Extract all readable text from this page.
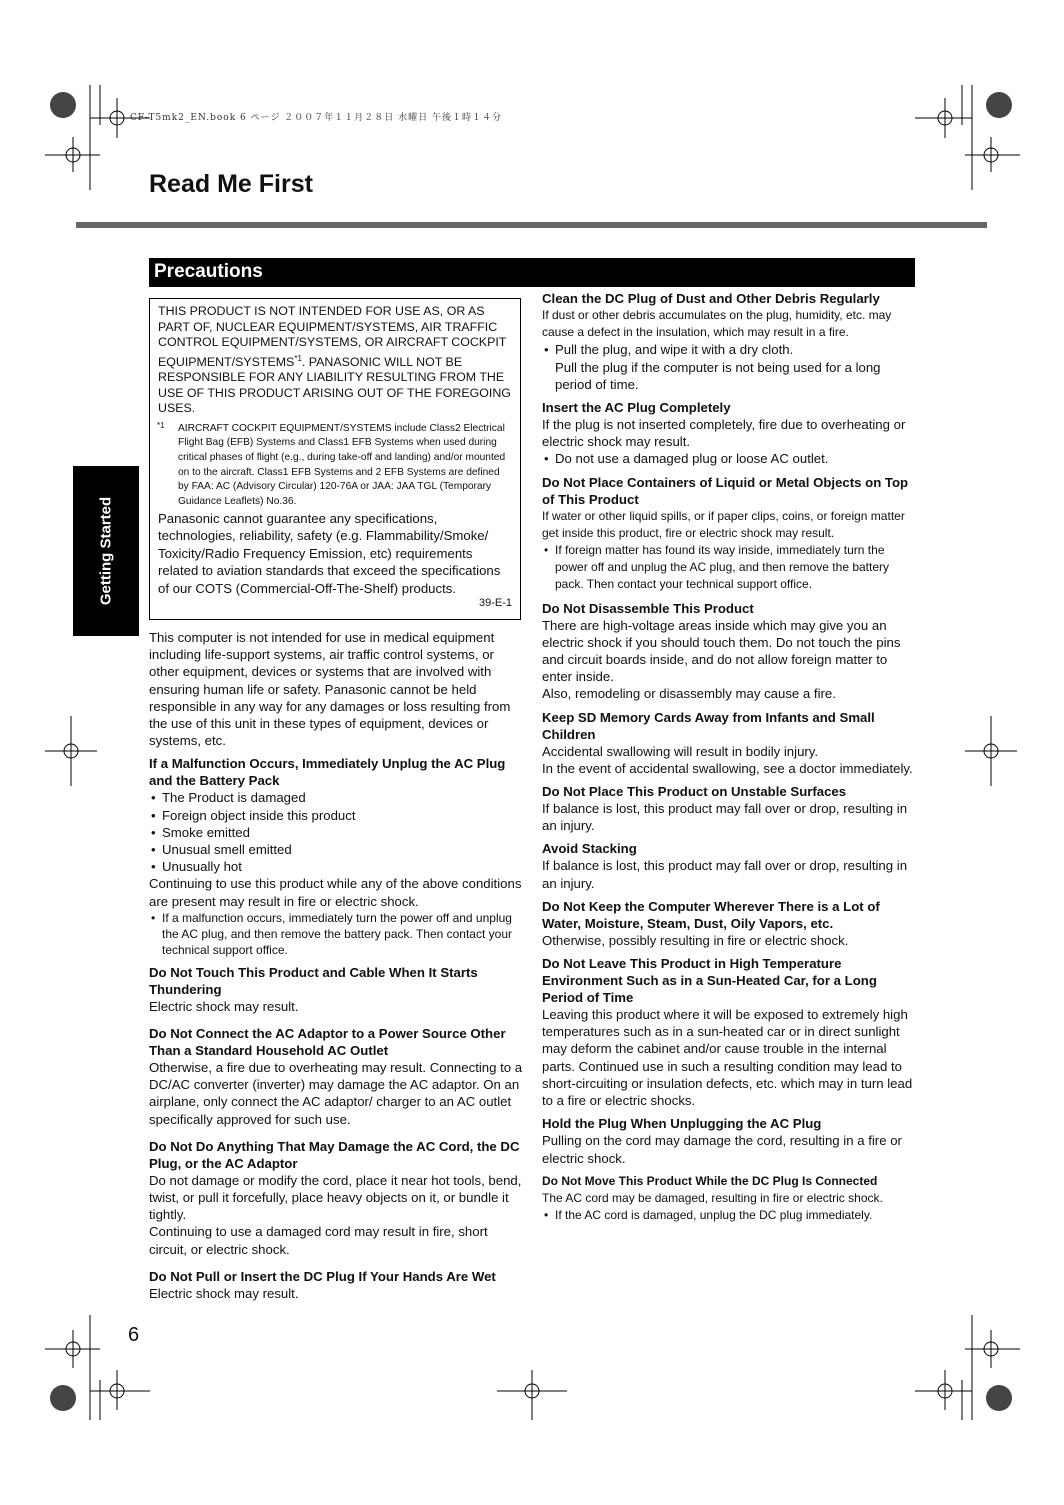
CF-T5mk2_EN.book 6 ページ ２００７年１１月２８日 水曜日 午後１時１４分
Read Me First
Precautions
Getting Started
6

THIS PRODUCT IS NOT INTENDED FOR USE AS, OR AS PART OF, NUCLEAR EQUIPMENT/SYSTEMS, AIR TRAFFIC CONTROL EQUIPMENT/SYSTEMS, OR AIRCRAFT COCKPIT EQUIPMENT/SYSTEMS$^{*1}$. PANASONIC WILL NOT BE RESPONSIBLE FOR ANY LIABILITY RESULTING FROM THE USE OF THIS PRODUCT ARISING OUT OF THE FOREGOING USES.

*1 AIRCRAFT COCKPIT EQUIPMENT/SYSTEMS include Class2 Electrical Flight Bag (EFB) Systems and Class1 EFB Systems when used during critical phases of flight (e.g., during take-off and landing) and/or mounted on to the aircraft. Class1 EFB Systems and 2 EFB Systems are defined by FAA: AC (Advisory Circular) 120-76A or JAA: JAA TGL (Temporary Guidance Leaflets) No.36.

Panasonic cannot guarantee any specifications, technologies, reliability, safety (e.g. Flammability/Smoke/ Toxicity/Radio Frequency Emission, etc) requirements related to aviation standards that exceed the specifications of our COTS (Commercial-Off-The-Shelf) products.

39-E-1

This computer is not intended for use in medical equipment including life-support systems, air traffic control systems, or other equipment, devices or systems that are involved with ensuring human life or safety. Panasonic cannot be held responsible in any way for any damages or loss resulting from the use of this unit in these types of equipment, devices or systems, etc.

If a Malfunction Occurs, Immediately Unplug the AC Plug and the Battery Pack
• The Product is damaged
• Foreign object inside this product
• Smoke emitted
• Unusual smell emitted
• Unusually hot

Continuing to use this product while any of the above conditions are present may result in fire or electric shock.

• If a malfunction occurs, immediately turn the power off and unplug the AC plug, and then remove the battery pack. Then contact your technical support office.
Do Not Touch This Product and Cable When It Starts Thundering

Electric shock may result.

Do Not Connect the AC Adaptor to a Power Source Other Than a Standard Household AC Outlet

Otherwise, a fire due to overheating may result. Connecting to a DC/AC converter (inverter) may damage the AC adaptor. On an airplane, only connect the AC adaptor/ charger to an AC outlet specifically approved for such use.

Do Not Do Anything That May Damage the AC Cord, the DC Plug, or the AC Adaptor

Do not damage or modify the cord, place it near hot tools, bend, twist, or pull it forcefully, place heavy objects on it, or bundle it tightly.

Continuing to use a damaged cord may result in fire, short circuit, or electric shock.

Do Not Pull or Insert the DC Plug If Your Hands Are Wet

Electric shock may result.

Clean the DC Plug of Dust and Other Debris Regularly

If dust or other debris accumulates on the plug, humidity, etc. may cause a defect in the insulation, which may result in a fire.

• Pull the plug, and wipe it with a dry cloth.

Pull the plug if the computer is not being used for a long period of time.

Insert the AC Plug Completely

If the plug is not inserted completely, fire due to overheating or electric shock may result.

• Do not use a damaged plug or loose AC outlet.
Do Not Place Containers of Liquid or Metal Objects on Top of This Product

If water or other liquid spills, or if paper clips, coins, or foreign matter get inside this product, fire or electric shock may result.

• If foreign matter has found its way inside, immediately turn the power off and unplug the AC plug, and then remove the battery pack. Then contact your technical support office.
Do Not Disassemble This Product

There are high-voltage areas inside which may give you an electric shock if you should touch them. Do not touch the pins and circuit boards inside, and do not allow foreign matter to enter inside.

Also, remodeling or disassembly may cause a fire.

Keep SD Memory Cards Away from Infants and Small Children

Accidental swallowing will result in bodily injury.

In the event of accidental swallowing, see a doctor immediately.

Do Not Place This Product on Unstable Surfaces

If balance is lost, this product may fall over or drop, resulting in an injury.

Avoid Stacking

If balance is lost, this product may fall over or drop, resulting in an injury.

Do Not Keep the Computer Wherever There is a Lot of Water, Moisture, Steam, Dust, Oily Vapors, etc.

Otherwise, possibly resulting in fire or electric shock.

Do Not Leave This Product in High Temperature Environment Such as in a Sun-Heated Car, for a Long Period of Time

Leaving this product where it will be exposed to extremely high temperatures such as in a sun-heated car or in direct sunlight may deform the cabinet and/or cause trouble in the internal parts. Continued use in such a resulting condition may lead to short-circuiting or insulation defects, etc. which may in turn lead to a fire or electric shocks.

Hold the Plug When Unplugging the AC Plug

Pulling on the cord may damage the cord, resulting in a fire or electric shock.

Do Not Move This Product While the DC Plug Is Connected

The AC cord may be damaged, resulting in fire or electric shock.

• If the AC cord is damaged, unplug the DC plug immediately.
